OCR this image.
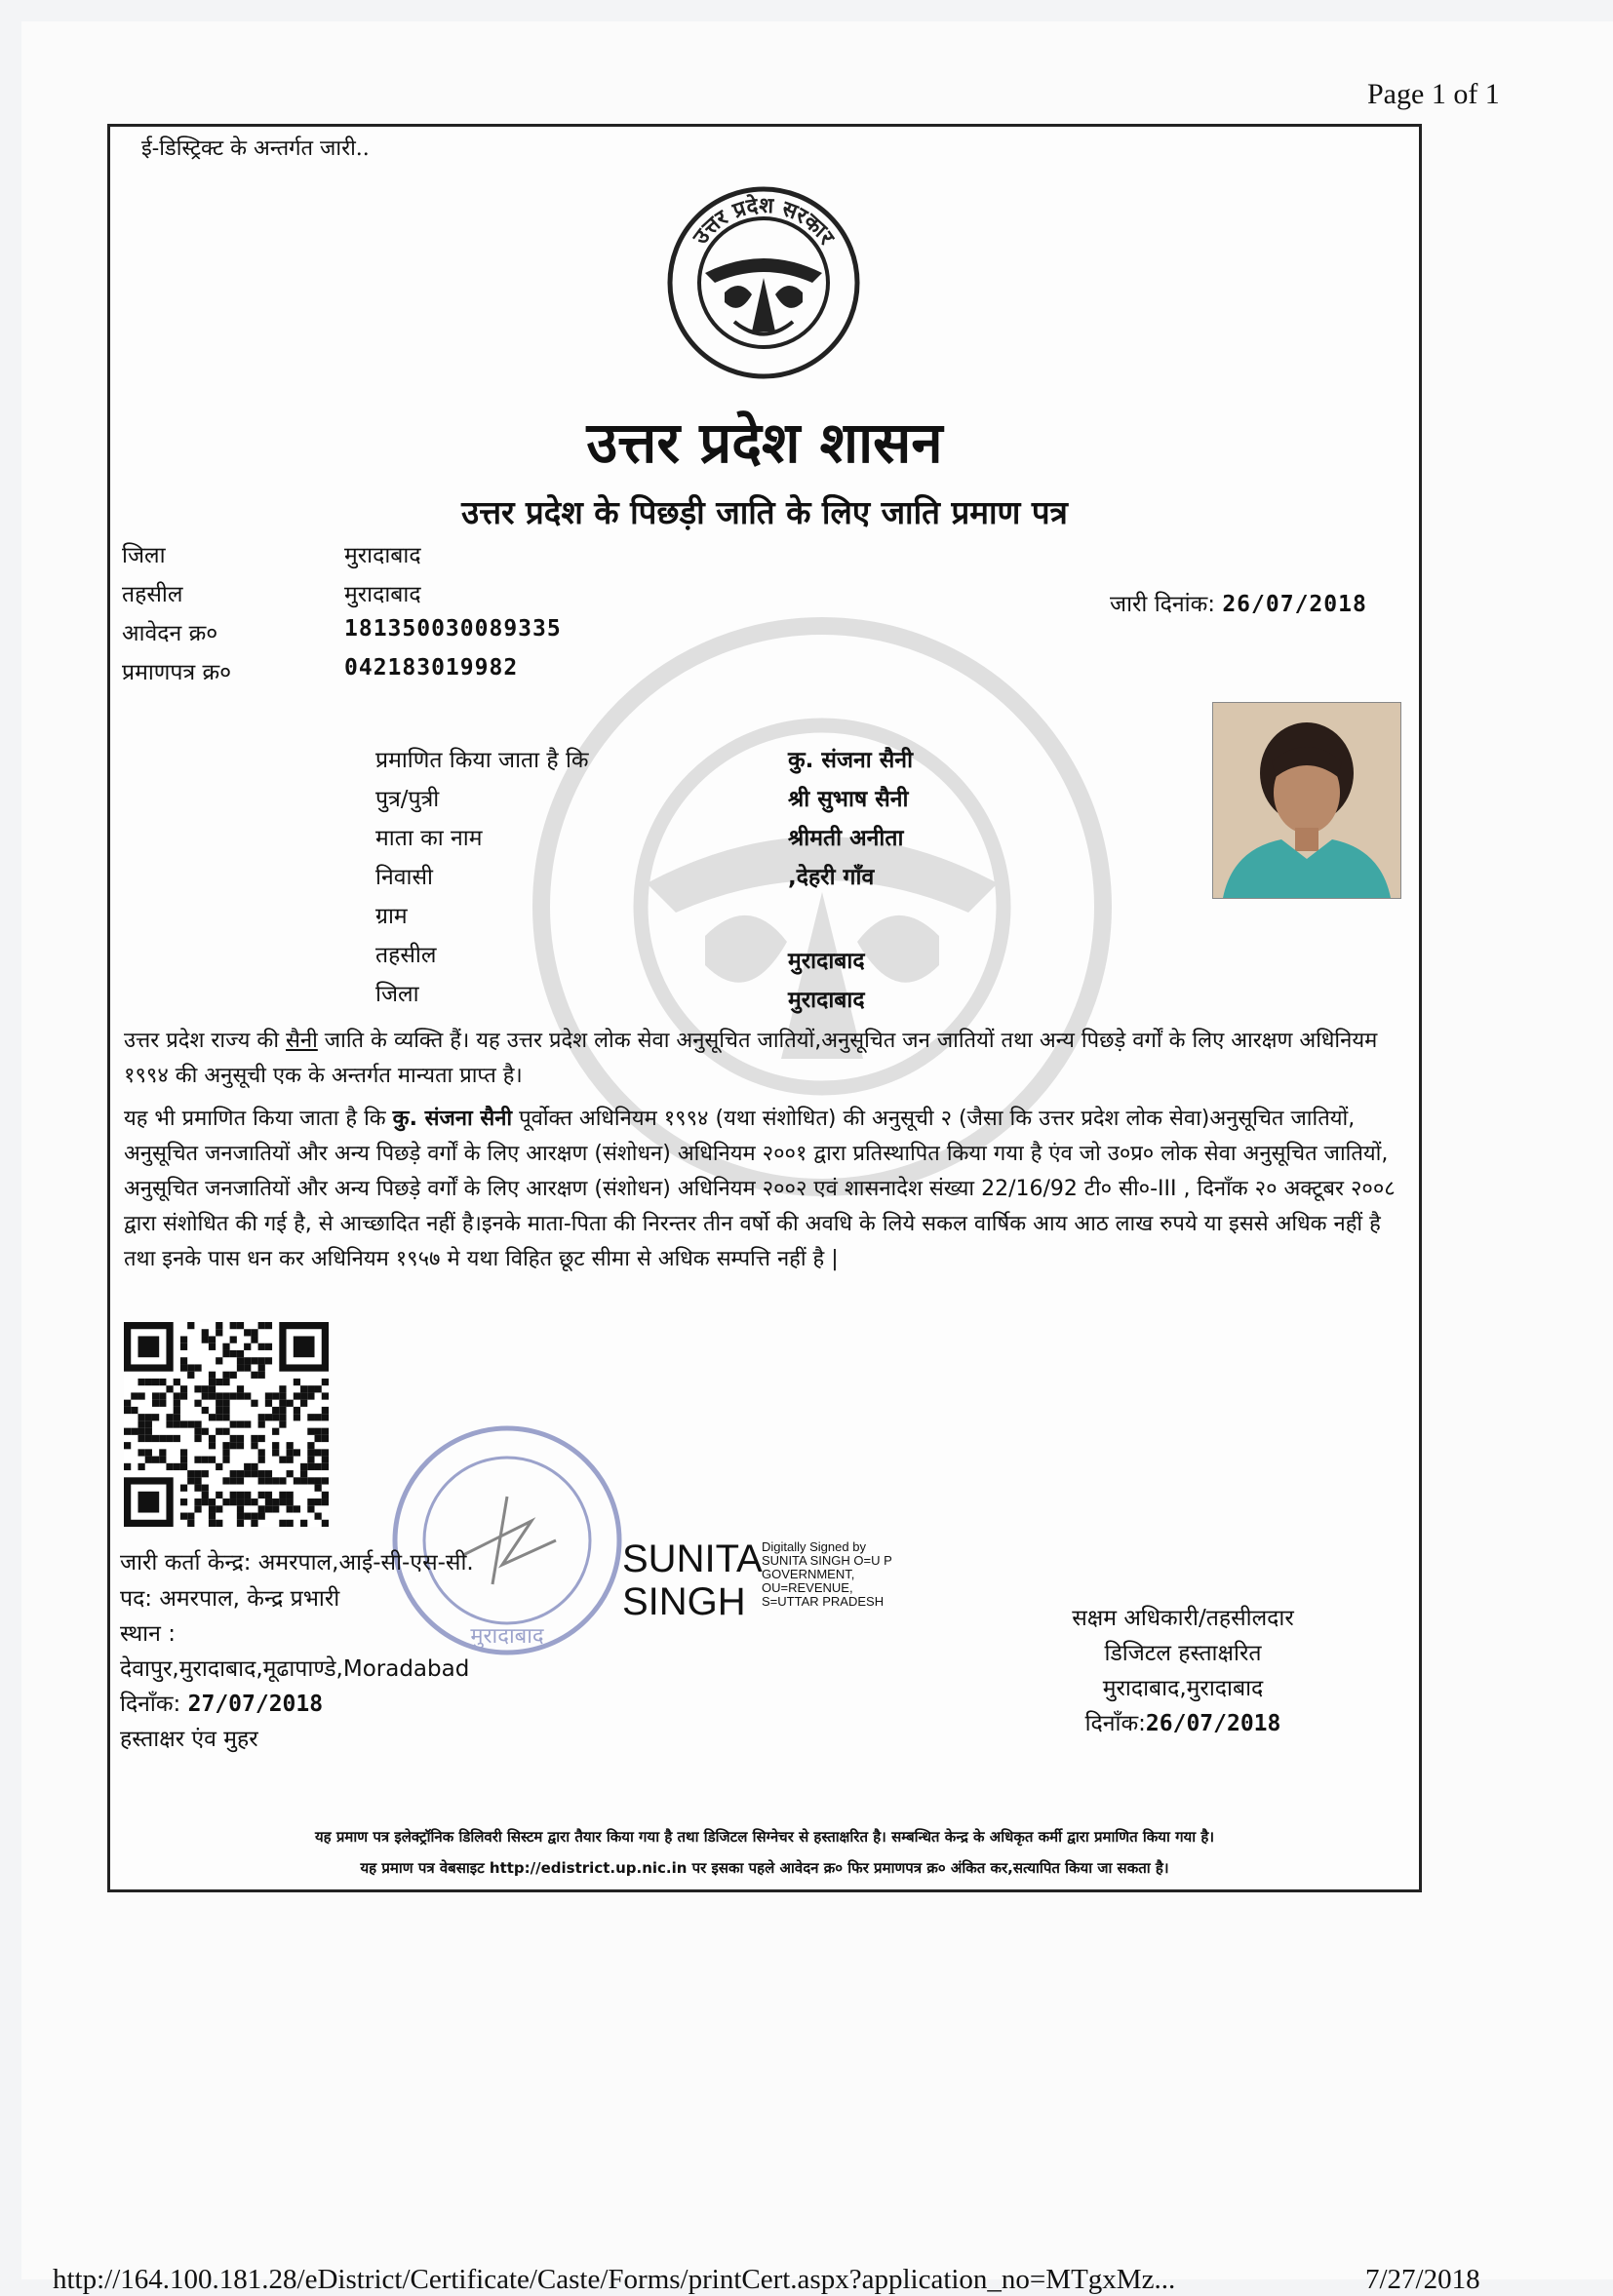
Page 1 of 1
ई-डिस्ट्रिक्ट के अन्तर्गत जारी..
उत्तर प्रदेश सरकार
उत्तर प्रदेश शासन
उत्तर प्रदेश के पिछड़ी जाति के लिए जाति प्रमाण पत्र
जिला	मुरादाबाद
तहसील	मुरादाबाद
आवेदन क्र०	181350030089335
प्रमाणपत्र क्र०	042183019982
जारी दिनांक: 26/07/2018
प्रमाणित किया जाता है कि	कु. संजना सैनी
पुत्र/पुत्री	श्री सुभाष सैनी
माता का नाम	श्रीमती अनीता
निवासी	,देहरी गाँव
ग्राम
तहसील	मुरादाबाद
जिला	मुरादाबाद
उत्तर प्रदेश राज्य की सैनी जाति के व्यक्ति हैं। यह उत्तर प्रदेश लोक सेवा अनुसूचित जातियों,अनुसूचित जन जातियों तथा अन्य पिछड़े वर्गों के लिए आरक्षण अधिनियम १९९४ की अनुसूची एक के अन्तर्गत मान्यता प्राप्त है।
यह भी प्रमाणित किया जाता है कि कु. संजना सैनी पूर्वोक्त अधिनियम १९९४ (यथा संशोधित) की अनुसूची २ (जैसा कि उत्तर प्रदेश लोक सेवा)अनुसूचित जातियों, अनुसूचित जनजातियों और अन्य पिछड़े वर्गों के लिए आरक्षण (संशोधन) अधिनियम २००१ द्वारा प्रतिस्थापित किया गया है एंव जो उ०प्र० लोक सेवा अनुसूचित जातियों, अनुसूचित जनजातियों और अन्य पिछड़े वर्गों के लिए आरक्षण (संशोधन) अधिनियम २००२ एवं शासनादेश संख्या 22/16/92 टी० सी०-III , दिनाँक २० अक्टूबर २००८ द्वारा संशोधित की गई है, से आच्छादित नहीं है।इनके माता-पिता की निरन्तर तीन वर्षो की अवधि के लिये सकल वार्षिक आय आठ लाख रुपये या इससे अधिक नहीं है तथा इनके पास धन कर अधिनियम १९५७ मे यथा विहित छूट सीमा से अधिक सम्पत्ति नहीं है |
मुरादाबाद
जारी कर्ता केन्द्र: अमरपाल,आई-सी-एस-सी.
पद: अमरपाल, केन्द्र प्रभारी
स्थान :
देवापुर,मुरादाबाद,मूढापाण्डे,Moradabad
दिनाँक: 27/07/2018
हस्ताक्षर एंव मुहर
SUNITA
SINGH
Digitally Signed by
SUNITA SINGH O=U P
GOVERNMENT,
OU=REVENUE,
S=UTTAR PRADESH
सक्षम अधिकारी/तहसीलदार
डिजिटल हस्ताक्षरित
मुरादाबाद,मुरादाबाद
दिनाँक:26/07/2018
यह प्रमाण पत्र इलेक्ट्रॉनिक डिलिवरी सिस्टम द्वारा तैयार किया गया है तथा डिजिटल सिग्नेचर से हस्ताक्षरित है। सम्बन्धित केन्द्र के अधिकृत कर्मी द्वारा प्रमाणित किया गया है।
यह प्रमाण पत्र वेबसाइट http://edistrict.up.nic.in पर इसका पहले आवेदन क्र० फिर प्रमाणपत्र क्र० अंकित कर,सत्यापित किया जा सकता है।
http://164.100.181.28/eDistrict/Certificate/Caste/Forms/printCert.aspx?application_no=MTgxMz...	7/27/2018
